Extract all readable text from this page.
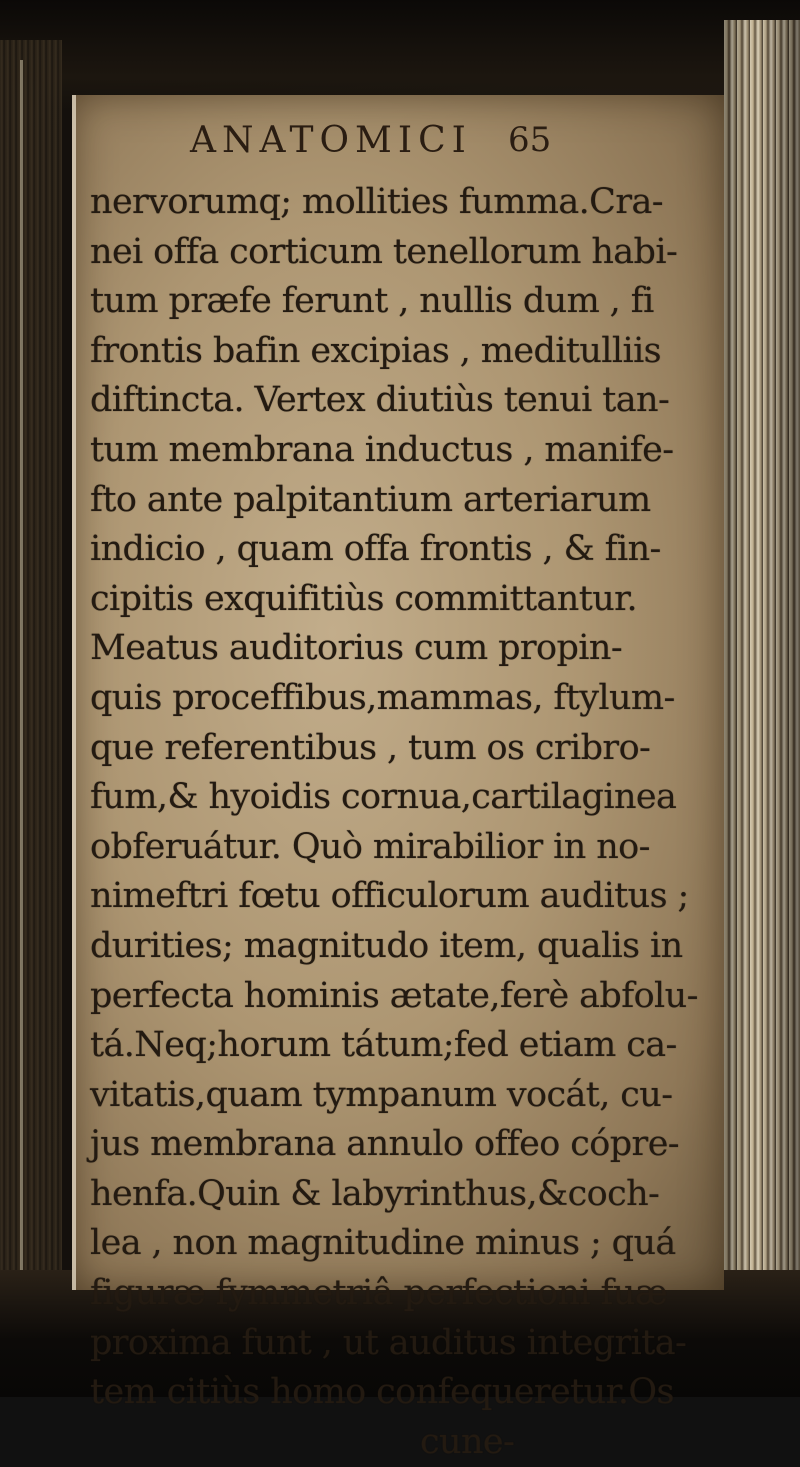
ANATOMICI 65
nervorumq; mollities fumma.Cra-
nei offa corticum tenellorum habi-
tum præfe ferunt , nullis dum , fi
frontis bafin excipias , meditulliis
diftincta. Vertex diutiùs tenui tan-
tum membrana inductus , manife-
fto ante palpitantium arteriarum
indicio , quam offa frontis , & fin-
cipitis exquifitiùs committantur.
Meatus auditorius cum propin-
quis proceffibus,mammas, ftylum-
que referentibus , tum os cribro-
fum,& hyoidis cornua,cartilaginea
obferuátur. Quò mirabilior in no-
nimeftri fœtu officulorum auditus ;
durities; magnitudo item, qualis in
perfecta hominis ætate,ferè abfolu-
tá.Neq;horum tátum;fed etiam ca-
vitatis,quam tympanum vocát, cu-
jus membrana annulo offeo cópre-
henfa.Quin & labyrinthus,&coch-
lea , non magnitudine minus ; quá
figuræ fymmetriâ perfectioni fuæ
proxima funt , ut auditus integrita-
tem citiùs homo confequeretur.Os
cune-
